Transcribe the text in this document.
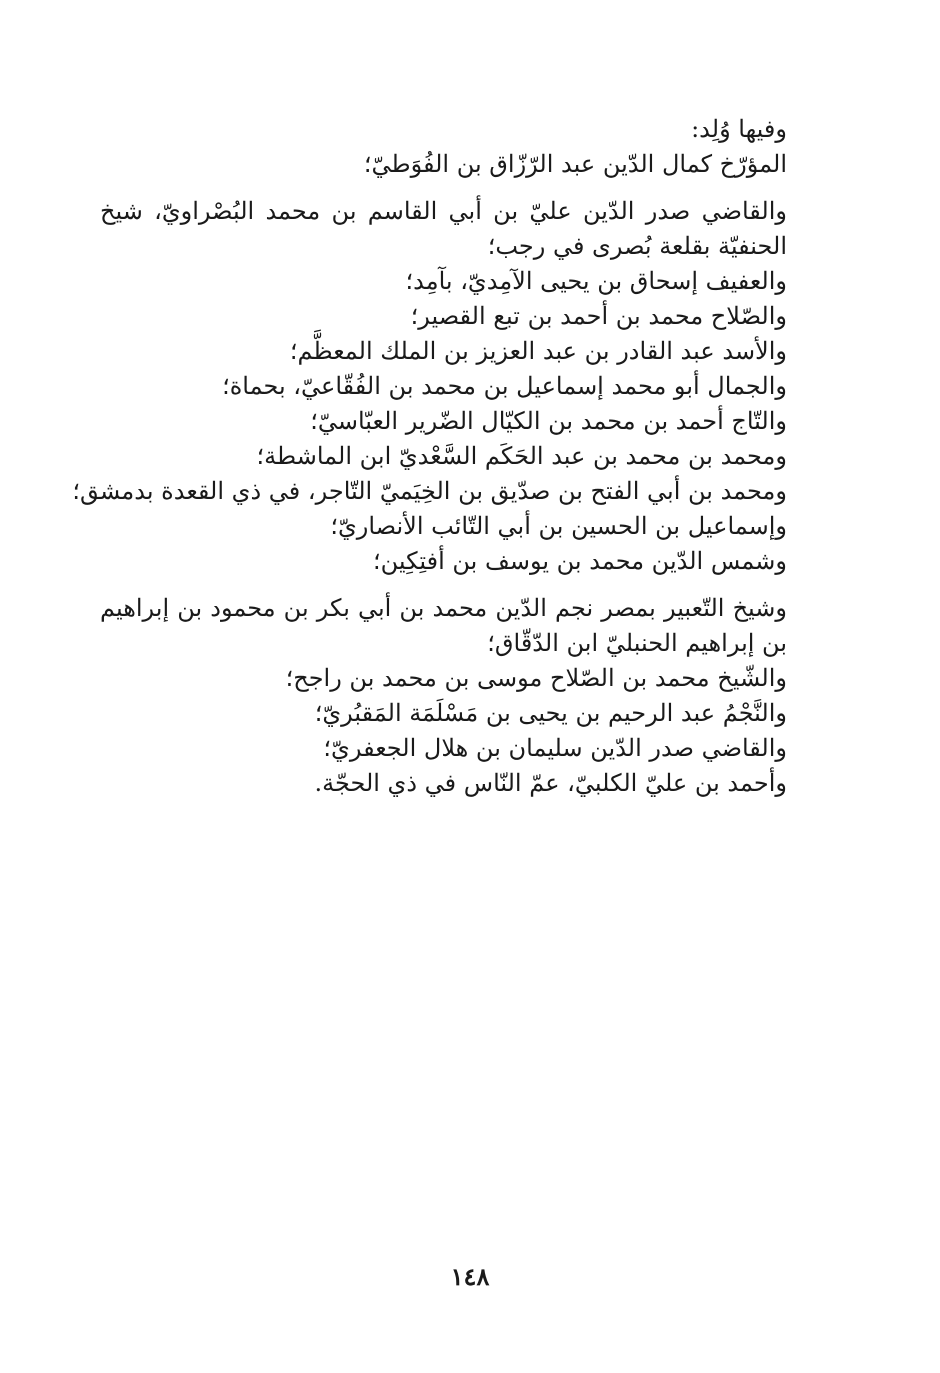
وفيها وُلِد:

المؤرّخ كمال الدّين عبد الرّزّاق بن الفُوَطيّ؛

والقاضي صدر الدّين عليّ بن أبي القاسم بن محمد البُصْراويّ، شيخ الحنفيّة بقلعة بُصرى في رجب؛

والعفيف إسحاق بن يحيى الآمِديّ، بآمِد؛

والصّلاح محمد بن أحمد بن تبع القصير؛

والأسد عبد القادر بن عبد العزيز بن الملك المعظَّم؛

والجمال أبو محمد إسماعيل بن محمد بن الفُقّاعيّ، بحماة؛

والتّاج أحمد بن محمد بن الكيّال الضّرير العبّاسيّ؛

ومحمد بن محمد بن عبد الحَكَم السَّعْديّ ابن الماشطة؛

ومحمد بن أبي الفتح بن صدّيق بن الخِيَميّ التّاجر، في ذي القعدة بدمشق؛

وإسماعيل بن الحسين بن أبي التّائب الأنصاريّ؛

وشمس الدّين محمد بن يوسف بن أفتِكِين؛

وشيخ التّعبير بمصر نجم الدّين محمد بن أبي بكر بن محمود بن إبراهيم بن إبراهيم الحنبليّ ابن الدّقّاق؛

والشّيخ محمد بن الصّلاح موسى بن محمد بن راجح؛

والنَّجْمُ عبد الرحيم بن يحيى بن مَسْلَمَة المَقبُريّ؛

والقاضي صدر الدّين سليمان بن هلال الجعفريّ؛

وأحمد بن عليّ الكلبيّ، عمّ النّاس في ذي الحجّة.

١٤٨
